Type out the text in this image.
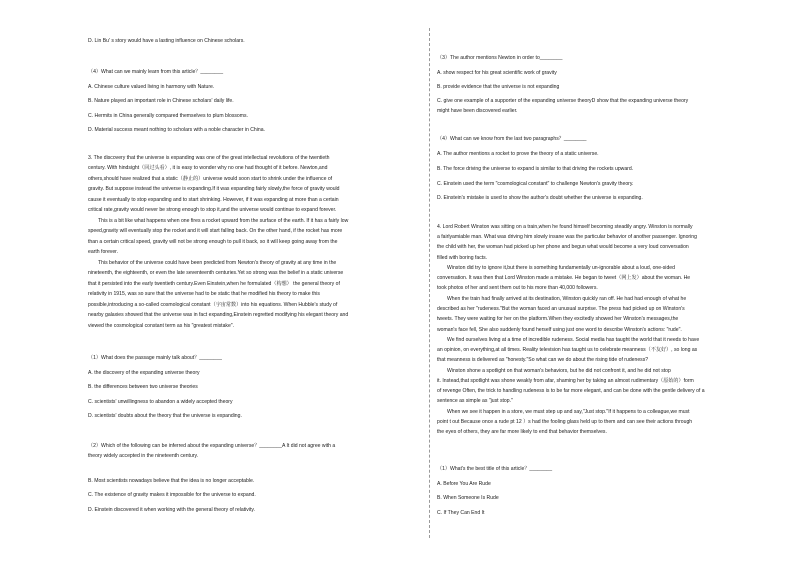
D. Lin Bu' s story would have a lasting influence on Chinese scholars.
（4）What can we mainly learn from this article？________
A. Chinese culture valued living in harmony with Nature.
B. Nature played an important role in Chinese scholars' daily life.
C. Hermits in China generally compared themselves to plum blossoms.
D. Material success meant nothing to scholars with a noble character in China.
3. The discovery that the universe is expanding was one of the great intellectual revolutions of the twentieth
century. With hindsight（回过头看）, it is easy to wonder why no one had thought of it before. Newton,and
others,should have realized that a static（静止的）universe would soon start to shrink under the influence of
gravity. But suppose instead the universe is expanding.If it was expanding fairly slowly,the force of gravity would
cause it eventually to stop expanding and to start shrinking. However, if it was expanding at more than a certain
critical rate,gravity would never be strong enough to stop it,and the universe would continue to expand forever.
This is a bit like what happens when one fires a rocket upward from the surface of the earth. If it has a fairly low
speed,gravity will eventually stop the rocket and it will start falling back. On the other hand, if the rocket has more
than a certain critical speed, gravity will not be strong enough to pull it back, so it will keep going away from the
earth forever.
This behavior of the universe could have been predicted from Newton's theory of gravity at any time in the
nineteenth, the eighteenth, or even the late seventeenth centuries.Yet so strong was the belief in a static universe
that it persisted into the early twentieth century.Even Einstein,when he formulated（构想） the general theory of
relativity in 1915, was so sure that the universe had to be static that he modified his theory to make this
possible,introducing a so-called cosmological constant（宇宙常数）into his equations. When Hubble's study of
nearby galaxies showed that the universe was in fact expanding,Einstein regretted modifying his elegant theory and
viewed the cosmological constant term as his "greatest mistake".
（1）What does the passage mainly talk about？________
A. the discovery of the expanding universe theory
B. the differences between two universe theories
C. scientists' unwillingness to abandon a widely accepted theory
D. scientists' doubts about the theory that the universe is expanding.
（2）Which of the following can be inferred about the expanding universe？________A It did not agree with a
theory widely accepted in the nineteenth century.
B. Most scientists nowadays believe that the idea is no longer acceptable.
C. The existence of gravity makes it impossible for the universe to expand.
D. Einstein discovered it when working with the general theory of relativity.
（3）The author mentions Newton in order to________
A. show respect for his great scientific work of gravity
B. provide evidence that the universe is not expanding
C. give one example of a supporter of the expanding universe theoryD show that the expanding universe theory
might have been discovered earlier.
（4）What can we know from the last two paragraphs？________
A. The author mentions a rocket to prove the theory of a static universe.
B. The force driving the universe to expand is similar to that driving the rockets upward.
C. Einstein used the term "cosmological constant" to challenge Newton's gravity theory.
D. Einstein's mistake is used to show the author's doubt whether the universe is expanding.
4. Lord Robert Winston was sitting on a train,when he found himself becoming steadily angry. Winston is normally
a fairlyamiable man. What was driving him slowly insane was the particular behavior of another passenger. Ignoring
the child with her, the woman had picked up her phone and begun what would become a very loud conversation
filled with boring facts.
Winston did try to ignore it,but there is something fundamentally un-ignorable about a loud, one-sided
conversation. It was then that Lord Winston made a mistake. He began to tweet（网上发）about the woman. He
took photos of her and sent them out to his more than 40,000 followers.
When the train had finally arrived at its destination, Winston quickly ran off. He had had enough of what he
described as her "rudeness."But the woman faced an unusual surprise. The press had picked up on Winston's
tweets. They were waiting for her on the platform.When they excitedly showed her Winston's messages,the
woman's face fell, She also suddenly found herself using just one word to describe Winston's actions: "rude".
We find ourselves living at a time of incredible rudeness. Social media has taught the world that it needs to have
an opinion, on everything,at all times. Reality television has taught us to celebrate meanness（不友好）, so long as
that meanness is delivered as "honesty."So what can we do about the rising tide of rudeness?
Winston shone a spotlight on that woman's behaviors, but he did not confront it, and he did not stop
it. Instead,that spotlight was shone weakly from afar, shaming her by taking an almost rudimentary（原始的）form
of revenge Often, the trick to handling rudeness is to be far more elegant, and can be done with the gentle delivery of a
sentence as simple as "just stop."
When we see it happen in a store, we must step up and say,"Just stop."If it happens to a colleague,we must
point t out Because once a rude pt 12 ）s had the fooling glass held up to them and can see their actions through
the eyes of others, they are far more likely to end that behavior themselves.
（1）What's the best title of this article？________
A. Before You Are Rude
B. When Someone Is Rude
C. If They Can End It
